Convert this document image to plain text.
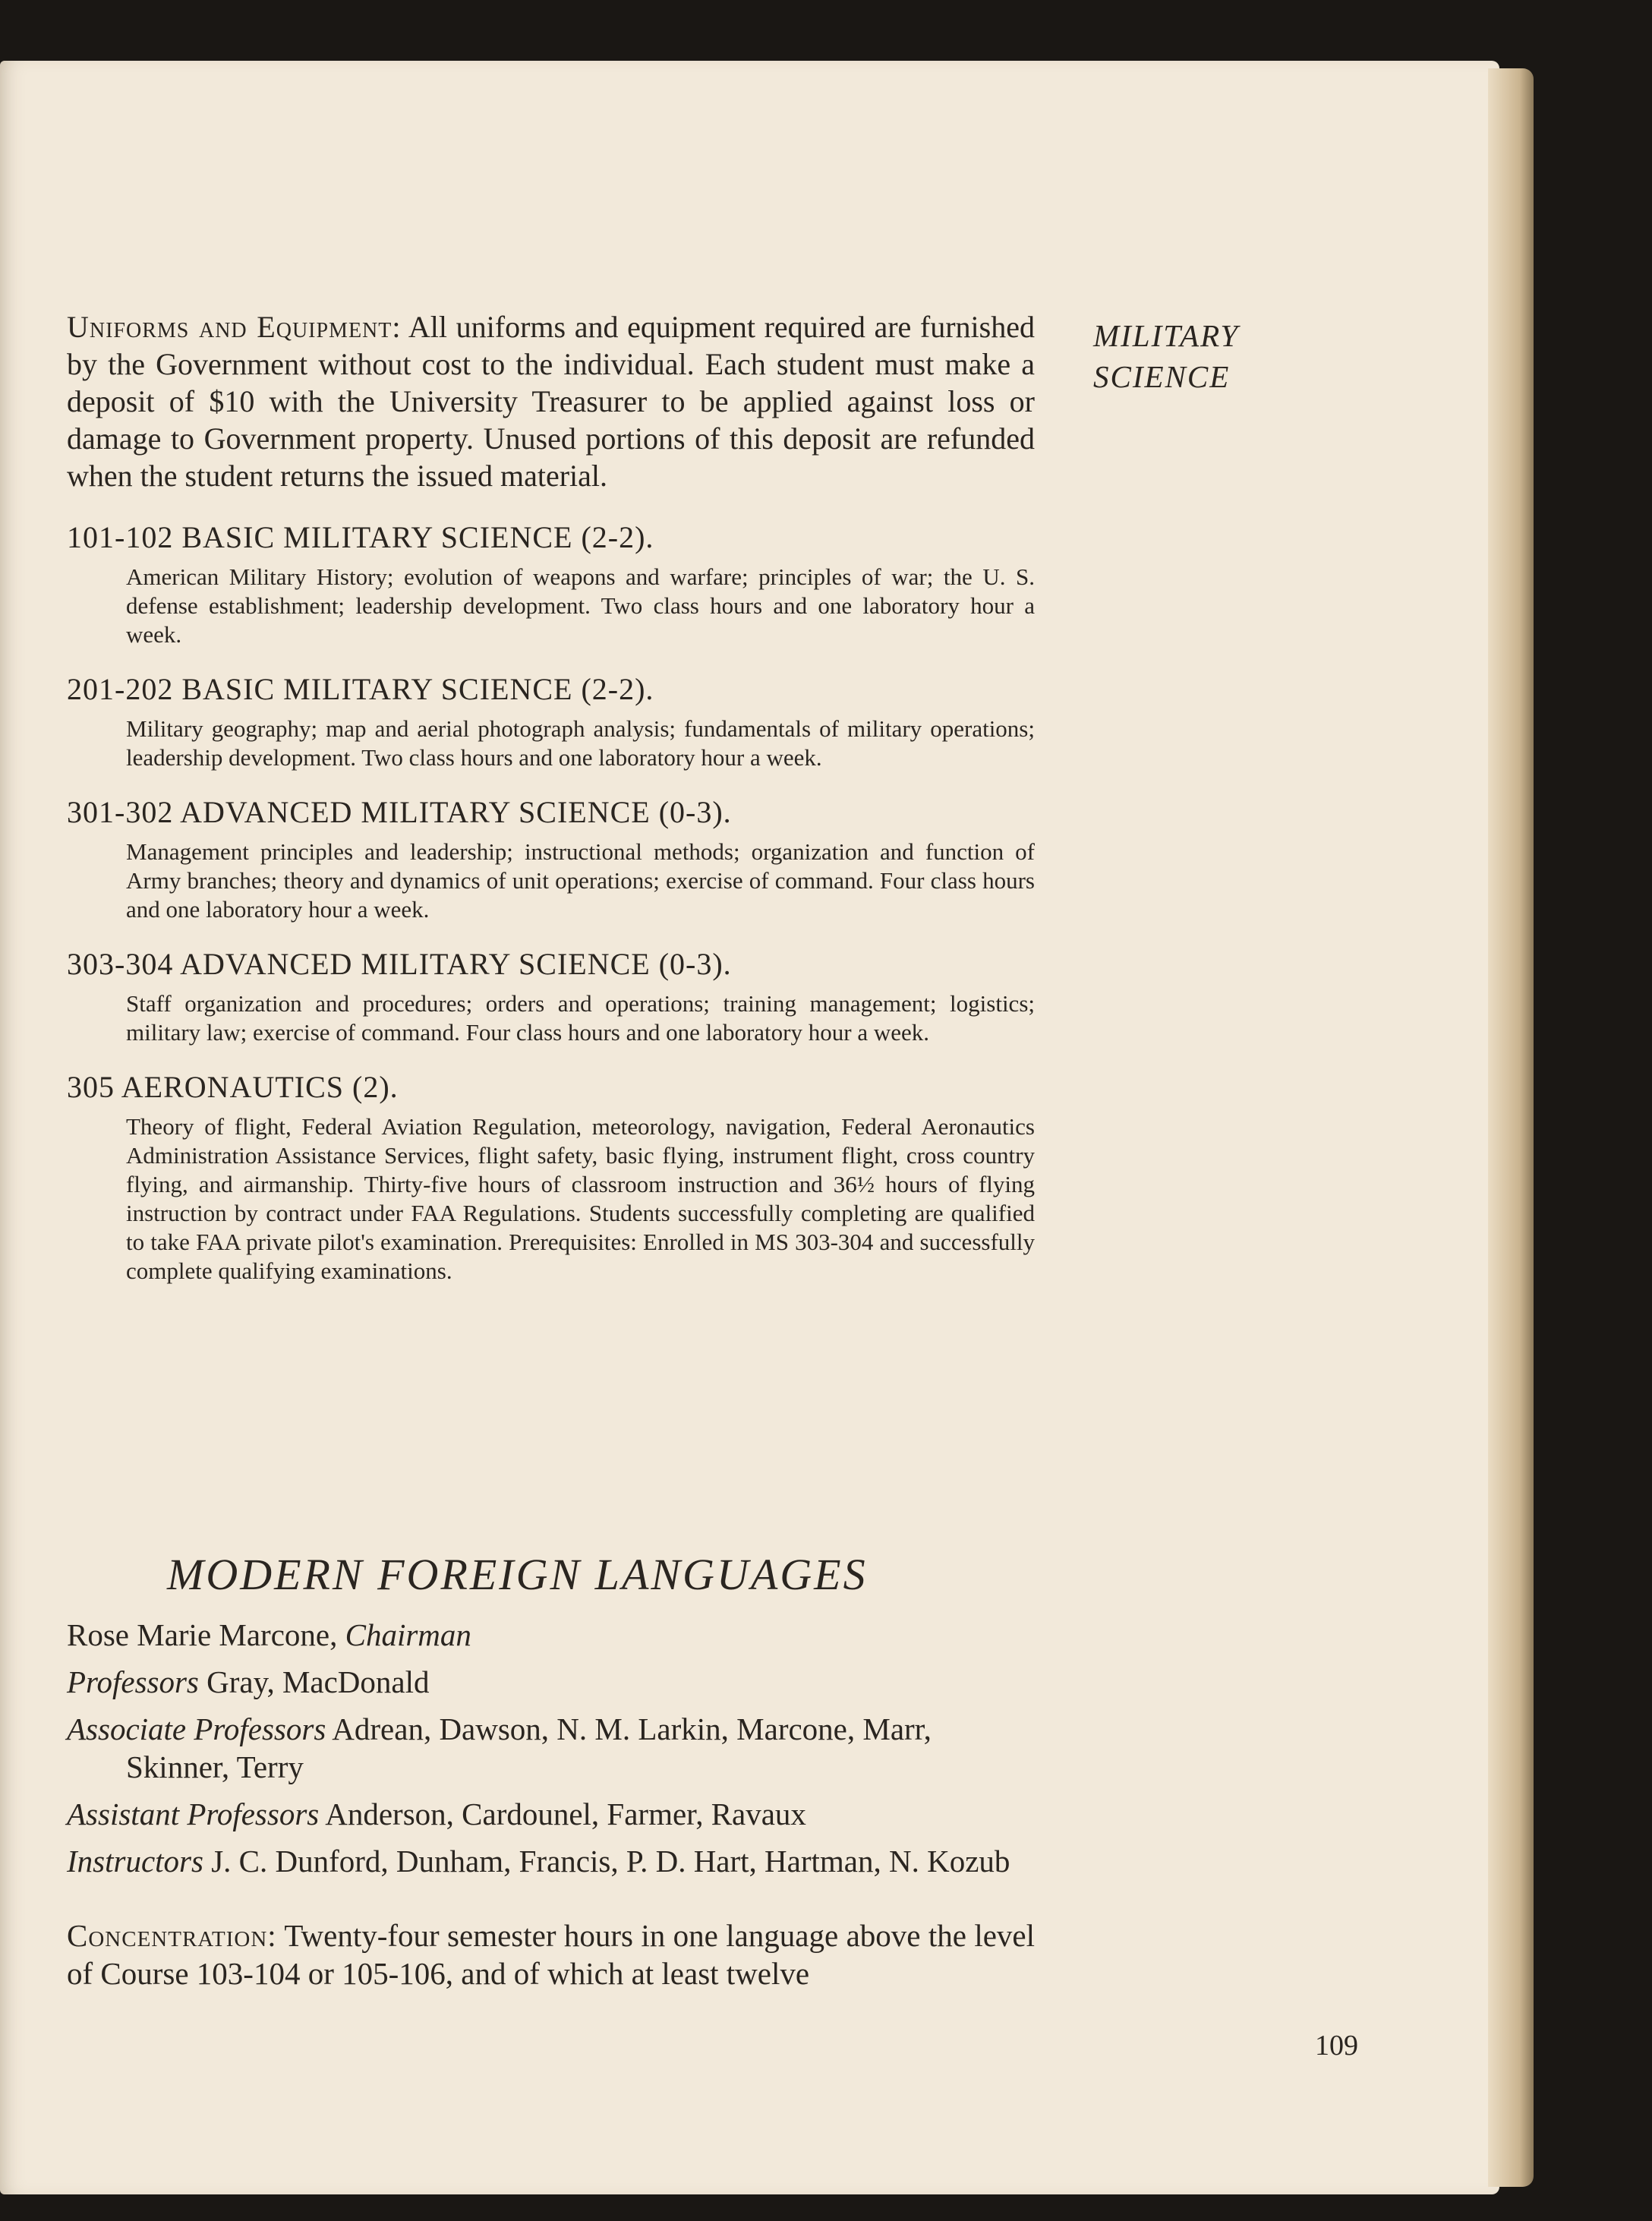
MILITARY
SCIENCE

Uniforms and Equipment: All uniforms and equipment required are furnished by the Government without cost to the individual. Each student must make a deposit of $10 with the University Treasurer to be applied against loss or damage to Government property. Unused portions of this deposit are refunded when the student returns the issued material.

101-102 BASIC MILITARY SCIENCE (2-2).
American Military History; evolution of weapons and warfare; principles of war; the U. S. defense establishment; leadership development. Two class hours and one laboratory hour a week.
201-202 BASIC MILITARY SCIENCE (2-2).
Military geography; map and aerial photograph analysis; fundamentals of military operations; leadership development. Two class hours and one laboratory hour a week.
301-302 ADVANCED MILITARY SCIENCE (0-3).
Management principles and leadership; instructional methods; organization and function of Army branches; theory and dynamics of unit operations; exercise of command. Four class hours and one laboratory hour a week.
303-304 ADVANCED MILITARY SCIENCE (0-3).
Staff organization and procedures; orders and operations; training management; logistics; military law; exercise of command. Four class hours and one laboratory hour a week.
305 AERONAUTICS (2).
Theory of flight, Federal Aviation Regulation, meteorology, navigation, Federal Aeronautics Administration Assistance Services, flight safety, basic flying, instrument flight, cross country flying, and airmanship. Thirty-five hours of classroom instruction and 36½ hours of flying instruction by contract under FAA Regulations. Students successfully completing are qualified to take FAA private pilot's examination. Prerequisites: Enrolled in MS 303-304 and successfully complete qualifying examinations.
MODERN FOREIGN LANGUAGES
Rose Marie Marcone, Chairman
Professors Gray, MacDonald
Associate Professors Adrean, Dawson, N. M. Larkin, Marcone, Marr, Skinner, Terry
Assistant Professors Anderson, Cardounel, Farmer, Ravaux
Instructors J. C. Dunford, Dunham, Francis, P. D. Hart, Hartman, N. Kozub
Concentration: Twenty-four semester hours in one language above the level of Course 103-104 or 105-106, and of which at least twelve
109
